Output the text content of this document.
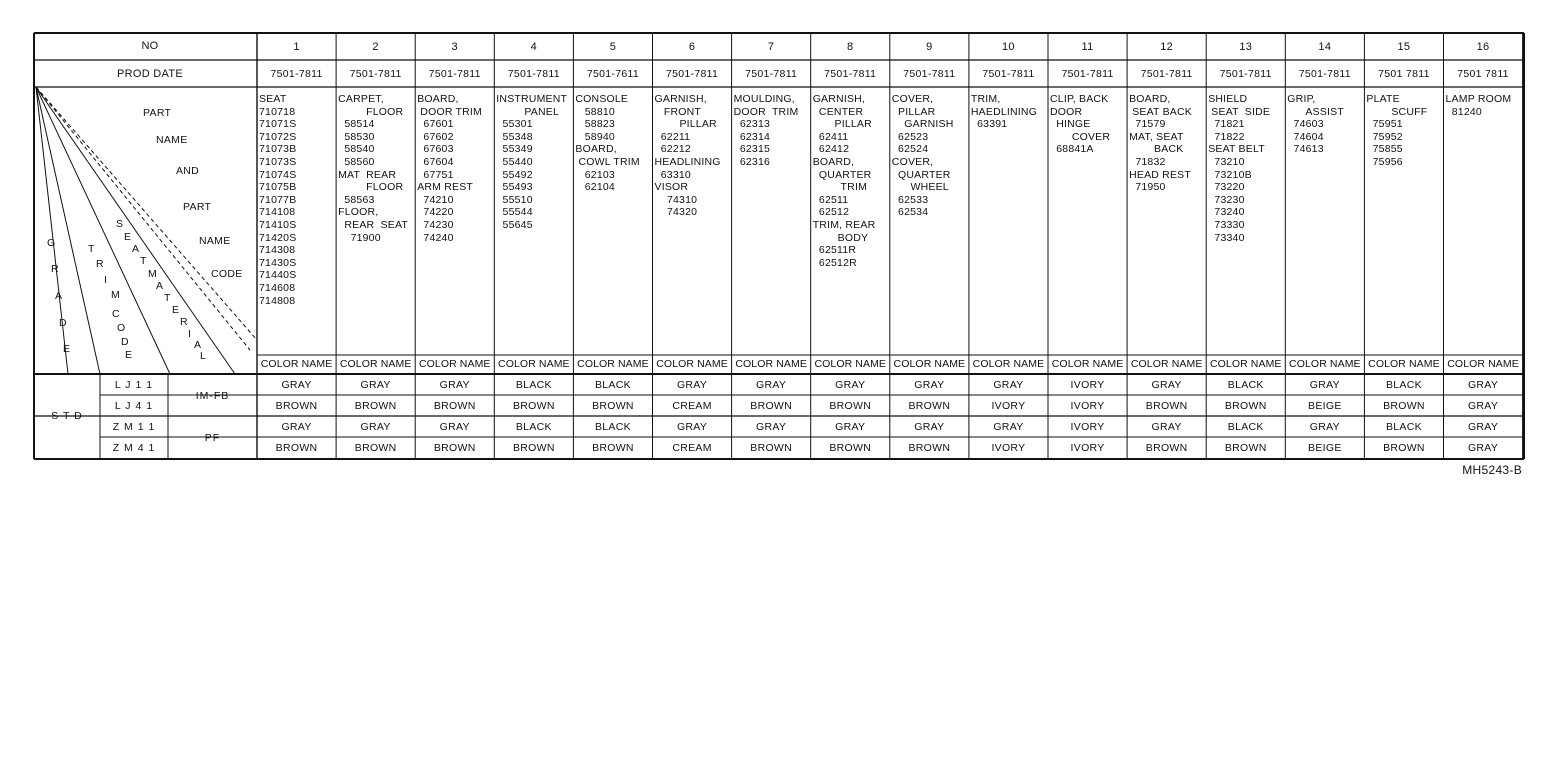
NO
PROD DATE
1
7501-7811
SEAT
710718
71071S
71072S
71073B
71073S
71074S
71075B
71077B
714108
71410S
71420S
714308
71430S
71440S
714608
714808
COLOR NAME
GRAY
BROWN
GRAY
BROWN
2
7501-7811
CARPET,
FLOOR
58514
58530
58540
58560
MAT  REAR
FLOOR
58563
FLOOR,
REAR  SEAT
71900
COLOR NAME
GRAY
BROWN
GRAY
BROWN
3
7501-7811
BOARD,
DOOR TRIM
67601
67602
67603
67604
67751
ARM REST
74210
74220
74230
74240
COLOR NAME
GRAY
BROWN
GRAY
BROWN
4
7501-7811
INSTRUMENT
PANEL
55301
55348
55349
55440
55492
55493
55510
55544
55645
COLOR NAME
BLACK
BROWN
BLACK
BROWN
5
7501-7611
CONSOLE
58810
58823
58940
BOARD,
COWL TRIM
62103
62104
COLOR NAME
BLACK
BROWN
BLACK
BROWN
6
7501-7811
GARNISH,
FRONT
PILLAR
62211
62212
HEADLINING
63310
VISOR
74310
74320
COLOR NAME
GRAY
CREAM
GRAY
CREAM
7
7501-7811
MOULDING,
DOOR  TRIM
62313
62314
62315
62316
COLOR NAME
GRAY
BROWN
GRAY
BROWN
8
7501-7811
GARNISH,
CENTER
PILLAR
62411
62412
BOARD,
QUARTER
TRIM
62511
62512
TRIM, REAR
BODY
62511R
62512R
COLOR NAME
GRAY
BROWN
GRAY
BROWN
9
7501-7811
COVER,
PILLAR
GARNISH
62523
62524
COVER,
QUARTER
WHEEL
62533
62534
COLOR NAME
GRAY
BROWN
GRAY
BROWN
10
7501-7811
TRIM,
HAEDLINING
63391
COLOR NAME
GRAY
IVORY
GRAY
IVORY
11
7501-7811
CLIP, BACK
DOOR
HINGE
COVER
68841A
COLOR NAME
IVORY
IVORY
IVORY
IVORY
12
7501-7811
BOARD,
SEAT BACK
71579
MAT, SEAT
BACK
71832
HEAD REST
71950
COLOR NAME
GRAY
BROWN
GRAY
BROWN
13
7501-7811
SHIELD
SEAT  SIDE
71821
71822
SEAT BELT
73210
73210B
73220
73230
73240
73330
73340
COLOR NAME
BLACK
BROWN
BLACK
BROWN
14
7501-7811
GRIP,
ASSIST
74603
74604
74613
COLOR NAME
GRAY
BEIGE
GRAY
BEIGE
15
7501 7811
PLATE
SCUFF
75951
75952
75855
75956
COLOR NAME
BLACK
BROWN
BLACK
BROWN
16
7501 7811
LAMP ROOM
81240
COLOR NAME
GRAY
GRAY
GRAY
GRAY
PART
NAME
AND
PART
NAME
CODE
G
R
A
D
E
T
R
I
M
C
O
D
E
S
E
A
T
M
A
T
E
R
I
A
L
S T D
L J 1 1
L J 4 1
Z M 1 1
Z M 4 1
IM-FB
PF
MH5243-B
